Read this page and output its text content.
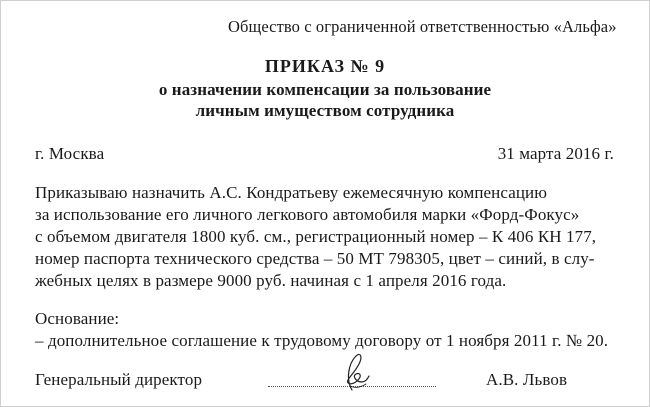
Общество с ограниченной ответственностью «Альфа»
ПРИКАЗ № 9
о назначении компенсации за пользование
личным имуществом сотрудника
г. Москва	31 марта 2016 г.
Приказываю назначить А.С. Кондратьеву ежемесячную компенсацию
за использование его личного легкового автомобиля марки «Форд-Фокус»
с объемом двигателя 1800 куб. см., регистрационный номер – К 406 КН 177,
номер паспорта технического средства – 50 МТ 798305, цвет – синий, в слу-
жебных целях в размере 9000 руб. начиная с 1 апреля 2016 года.
Основание:
– дополнительное соглашение к трудовому договору от 1 ноября 2011 г. № 20.
Генеральный директор	А.В. Львов
